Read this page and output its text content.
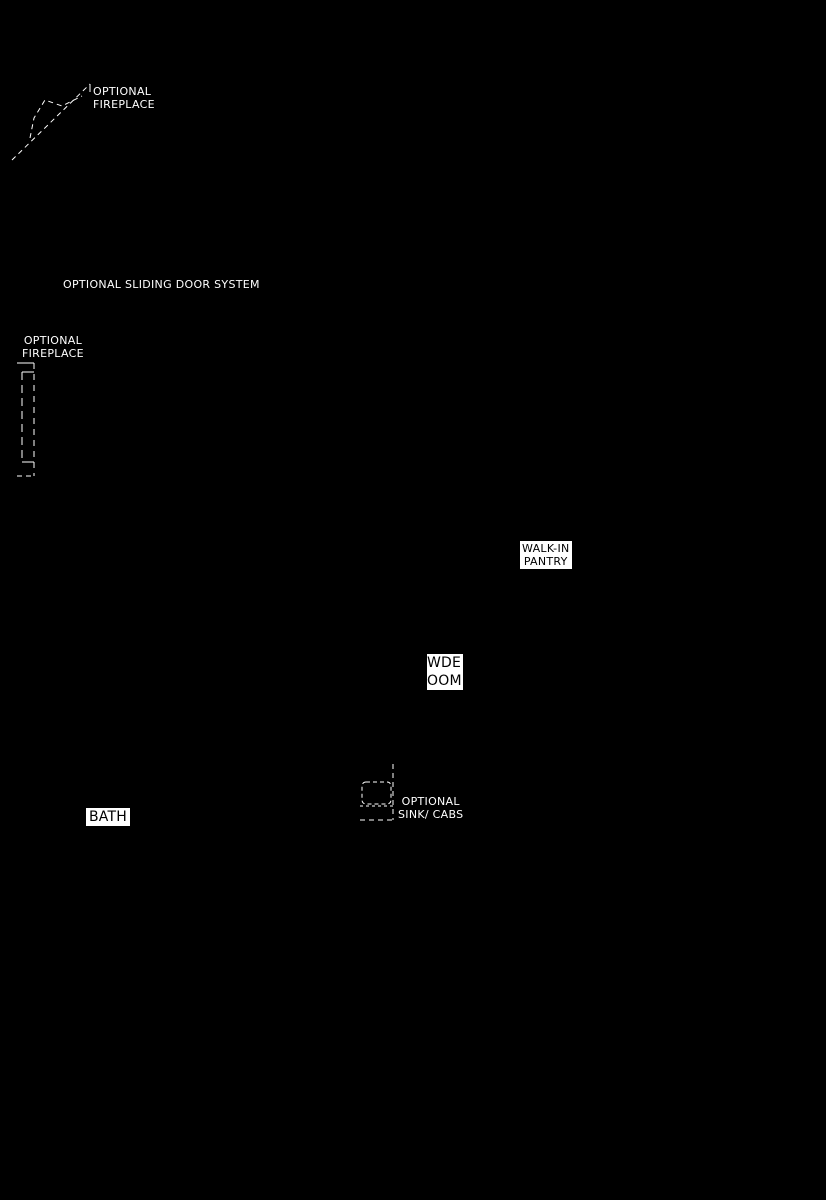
OPTIONAL
FIREPLACE
OPTIONAL SLIDING DOOR SYSTEM
OPTIONAL
FIREPLACE
WALK-IN
PANTRY
WDE
OOM
OPTIONAL
SINK/ CABS
BATH
